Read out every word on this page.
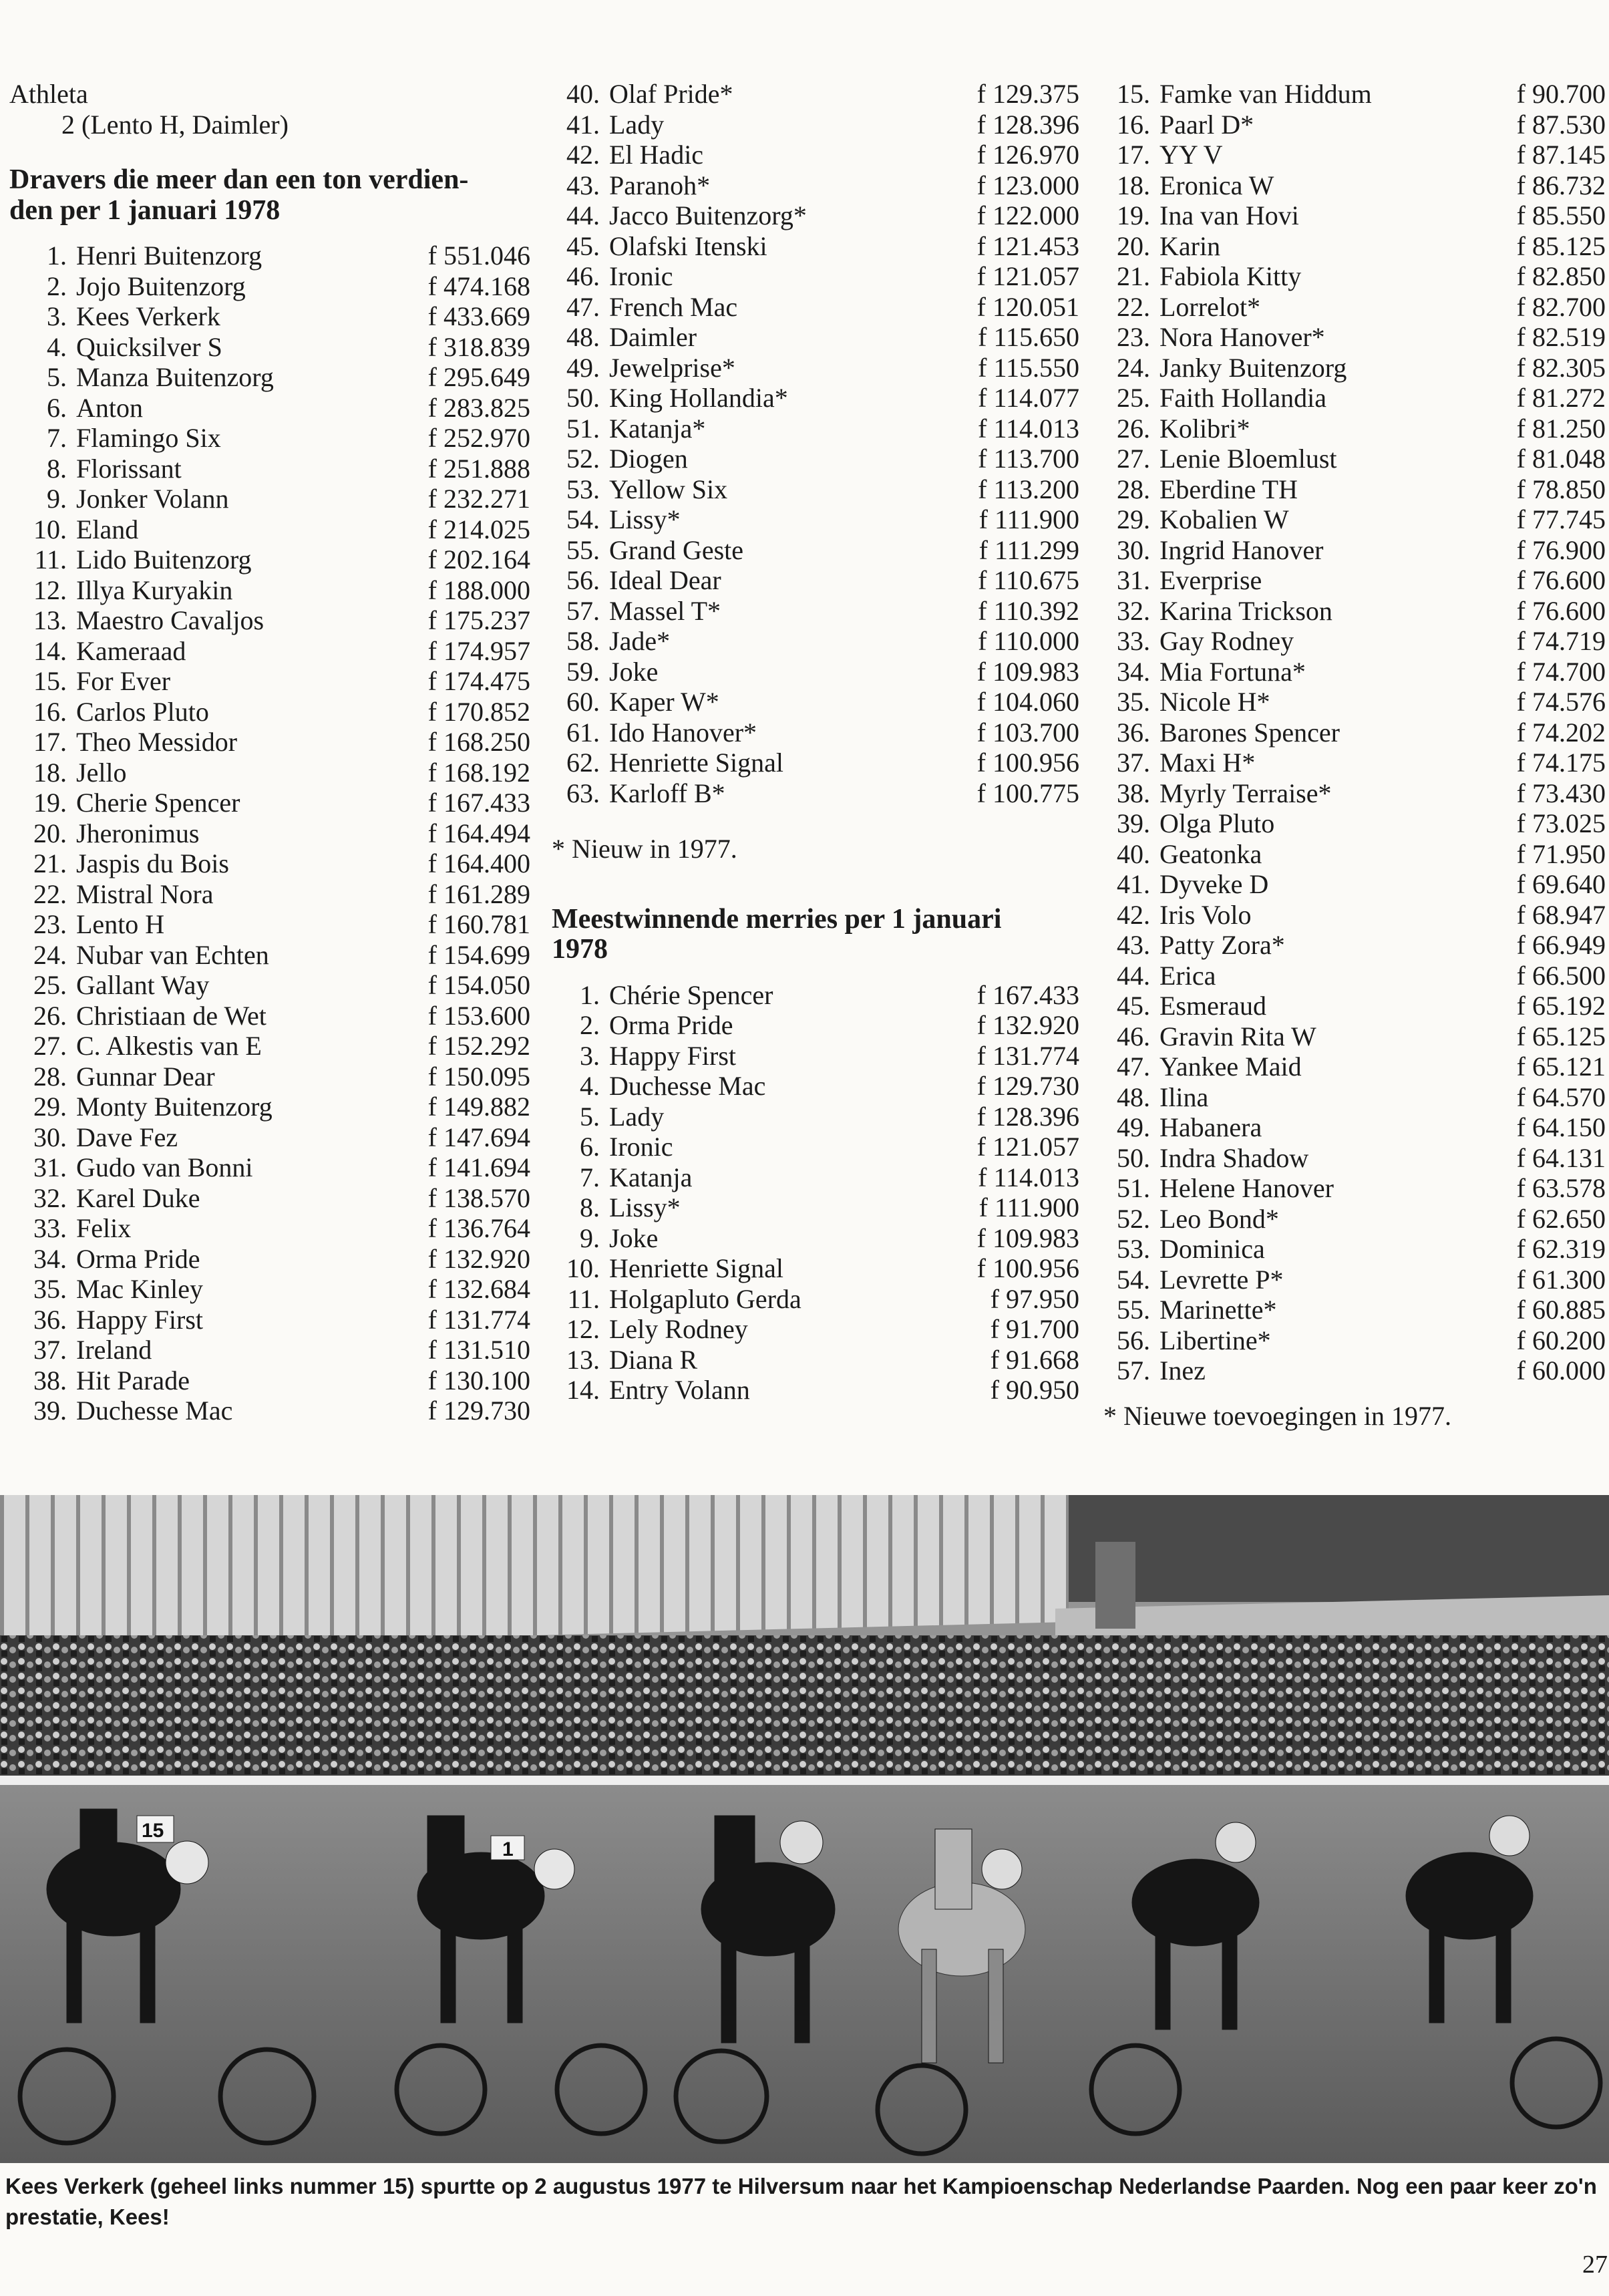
Athleta
2 (Lento H, Daimler)
Dravers die meer dan een ton verdien-
den per 1 januari 1978
1. Henri Buitenzorg	f 551.046
2. Jojo Buitenzorg	f 474.168
3. Kees Verkerk	f 433.669
4. Quicksilver S	f 318.839
5. Manza Buitenzorg	f 295.649
6. Anton	f 283.825
7. Flamingo Six	f 252.970
8. Florissant	f 251.888
9. Jonker Volann	f 232.271
10. Eland	f 214.025
11. Lido Buitenzorg	f 202.164
12. Illya Kuryakin	f 188.000
13. Maestro Cavaljos	f 175.237
14. Kameraad	f 174.957
15. For Ever	f 174.475
16. Carlos Pluto	f 170.852
17. Theo Messidor	f 168.250
18. Jello	f 168.192
19. Cherie Spencer	f 167.433
20. Jheronimus	f 164.494
21. Jaspis du Bois	f 164.400
22. Mistral Nora	f 161.289
23. Lento H	f 160.781
24. Nubar van Echten	f 154.699
25. Gallant Way	f 154.050
26. Christiaan de Wet	f 153.600
27. C. Alkestis van E	f 152.292
28. Gunnar Dear	f 150.095
29. Monty Buitenzorg	f 149.882
30. Dave Fez	f 147.694
31. Gudo van Bonni	f 141.694
32. Karel Duke	f 138.570
33. Felix	f 136.764
34. Orma Pride	f 132.920
35. Mac Kinley	f 132.684
36. Happy First	f 131.774
37. Ireland	f 131.510
38. Hit Parade	f 130.100
39. Duchesse Mac	f 129.730
40. Olaf Pride*	f 129.375
41. Lady	f 128.396
42. El Hadic	f 126.970
43. Paranoh*	f 123.000
44. Jacco Buitenzorg*	f 122.000
45. Olafski Itenski	f 121.453
46. Ironic	f 121.057
47. French Mac	f 120.051
48. Daimler	f 115.650
49. Jewelprise*	f 115.550
50. King Hollandia*	f 114.077
51. Katanja*	f 114.013
52. Diogen	f 113.700
53. Yellow Six	f 113.200
54. Lissy*	f 111.900
55. Grand Geste	f 111.299
56. Ideal Dear	f 110.675
57. Massel T*	f 110.392
58. Jade*	f 110.000
59. Joke	f 109.983
60. Kaper W*	f 104.060
61. Ido Hanover*	f 103.700
62. Henriette Signal	f 100.956
63. Karloff B*	f 100.775
* Nieuw in 1977.
Meestwinnende merries per 1 januari
1978
1. Chérie Spencer	f 167.433
2. Orma Pride	f 132.920
3. Happy First	f 131.774
4. Duchesse Mac	f 129.730
5. Lady	f 128.396
6. Ironic	f 121.057
7. Katanja	f 114.013
8. Lissy*	f 111.900
9. Joke	f 109.983
10. Henriette Signal	f 100.956
11. Holgapluto Gerda	f 97.950
12. Lely Rodney	f 91.700
13. Diana R	f 91.668
14. Entry Volann	f 90.950
15. Famke van Hiddum	f 90.700
16. Paarl D*	f 87.530
17. YY V	f 87.145
18. Eronica W	f 86.732
19. Ina van Hovi	f 85.550
20. Karin	f 85.125
21. Fabiola Kitty	f 82.850
22. Lorrelot*	f 82.700
23. Nora Hanover*	f 82.519
24. Janky Buitenzorg	f 82.305
25. Faith Hollandia	f 81.272
26. Kolibri*	f 81.250
27. Lenie Bloemlust	f 81.048
28. Eberdine TH	f 78.850
29. Kobalien W	f 77.745
30. Ingrid Hanover	f 76.900
31. Everprise	f 76.600
32. Karina Trickson	f 76.600
33. Gay Rodney	f 74.719
34. Mia Fortuna*	f 74.700
35. Nicole H*	f 74.576
36. Barones Spencer	f 74.202
37. Maxi H*	f 74.175
38. Myrly Terraise*	f 73.430
39. Olga Pluto	f 73.025
40. Geatonka	f 71.950
41. Dyveke D	f 69.640
42. Iris Volo	f 68.947
43. Patty Zora*	f 66.949
44. Erica	f 66.500
45. Esmeraud	f 65.192
46. Gravin Rita W	f 65.125
47. Yankee Maid	f 65.121
48. Ilina	f 64.570
49. Habanera	f 64.150
50. Indra Shadow	f 64.131
51. Helene Hanover	f 63.578
52. Leo Bond*	f 62.650
53. Dominica	f 62.319
54. Levrette P*	f 61.300
55. Marinette*	f 60.885
56. Libertine*	f 60.200
57. Inez	f 60.000
* Nieuwe toevoegingen in 1977.
15
1
Kees Verkerk (geheel links nummer 15) spurtte op 2 augustus 1977 te Hilversum naar het Kampioenschap Nederlandse Paarden. Nog een paar keer zo'n prestatie, Kees!
27
